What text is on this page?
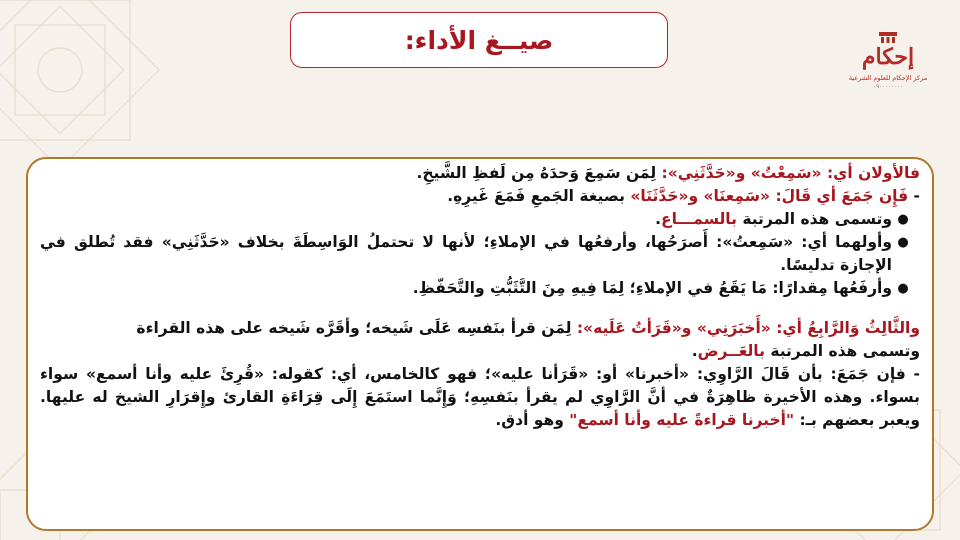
صيــغ الأداء:
إحكام
مركز الإحكام للعلوم الشرعية
٠٩٠٠٠٠٠٠٠٠

فالأولان أي: «سَمِعْتُ» و«حَدَّثَنِي»: لِمَن سَمِعَ وَحدَهُ مِن لَفظِ الشَّيخِ.

- فَإِن جَمَعَ أي قَالَ: «سَمِعنَا» و«حَدَّثَنَا» بصيغة الجَمعِ فَمَعَ غَيرِهِ.

●
وتسمى هذه المرتبة بالسمـــاع.
●
وأولهما أي: «سَمِعتُ»: أَصرَحُها، وأرفعُها في الإملاءِ؛ لأنها لا تحتملُ الوَاسِطَةَ بخلاف «حَدَّثَنِي» فقد تُطلق في الإجازة تدليسًا.
●
وأرفَعُها مِقدارًا: مَا يَقَعُ في الإملاءِ؛ لِمَا فِيهِ مِنَ التَّثَبُّتِ والتَّحَفّظِ.

والثَّالِثُ وَالرَّابِعُ أي: «أَخبَرَنِي» و«قَرَأتُ عَلَيه»: لِمَن قرأ بنَفسِه عَلَى شَيخه؛ وأقَرَّه شَيخه على هذه القراءة

وتسمى هذه المرتبة بالعَــرض.

- فإن جَمَعَ: بأن قَالَ الرَّاوِي: «أخبرنا» أو: «قَرَأنا عليه»؛ فهو كالخامس، أي: كقوله: «قُرِئَ عليه وأنا أسمع» سواء بسواء. وهذه الأخيرة ظاهِرَةٌ في أنَّ الرَّاوِي لم يقرأ بنَفسِهِ؛ وَإِنَّما استَمَعَ إِلَى قِرَاءَةِ القارئ وإِقرَارِ الشيخ له عليها. ويعبر بعضهم بـ: "أخبرنا قراءةً عليه وأنا أسمع" وهو أدق.
